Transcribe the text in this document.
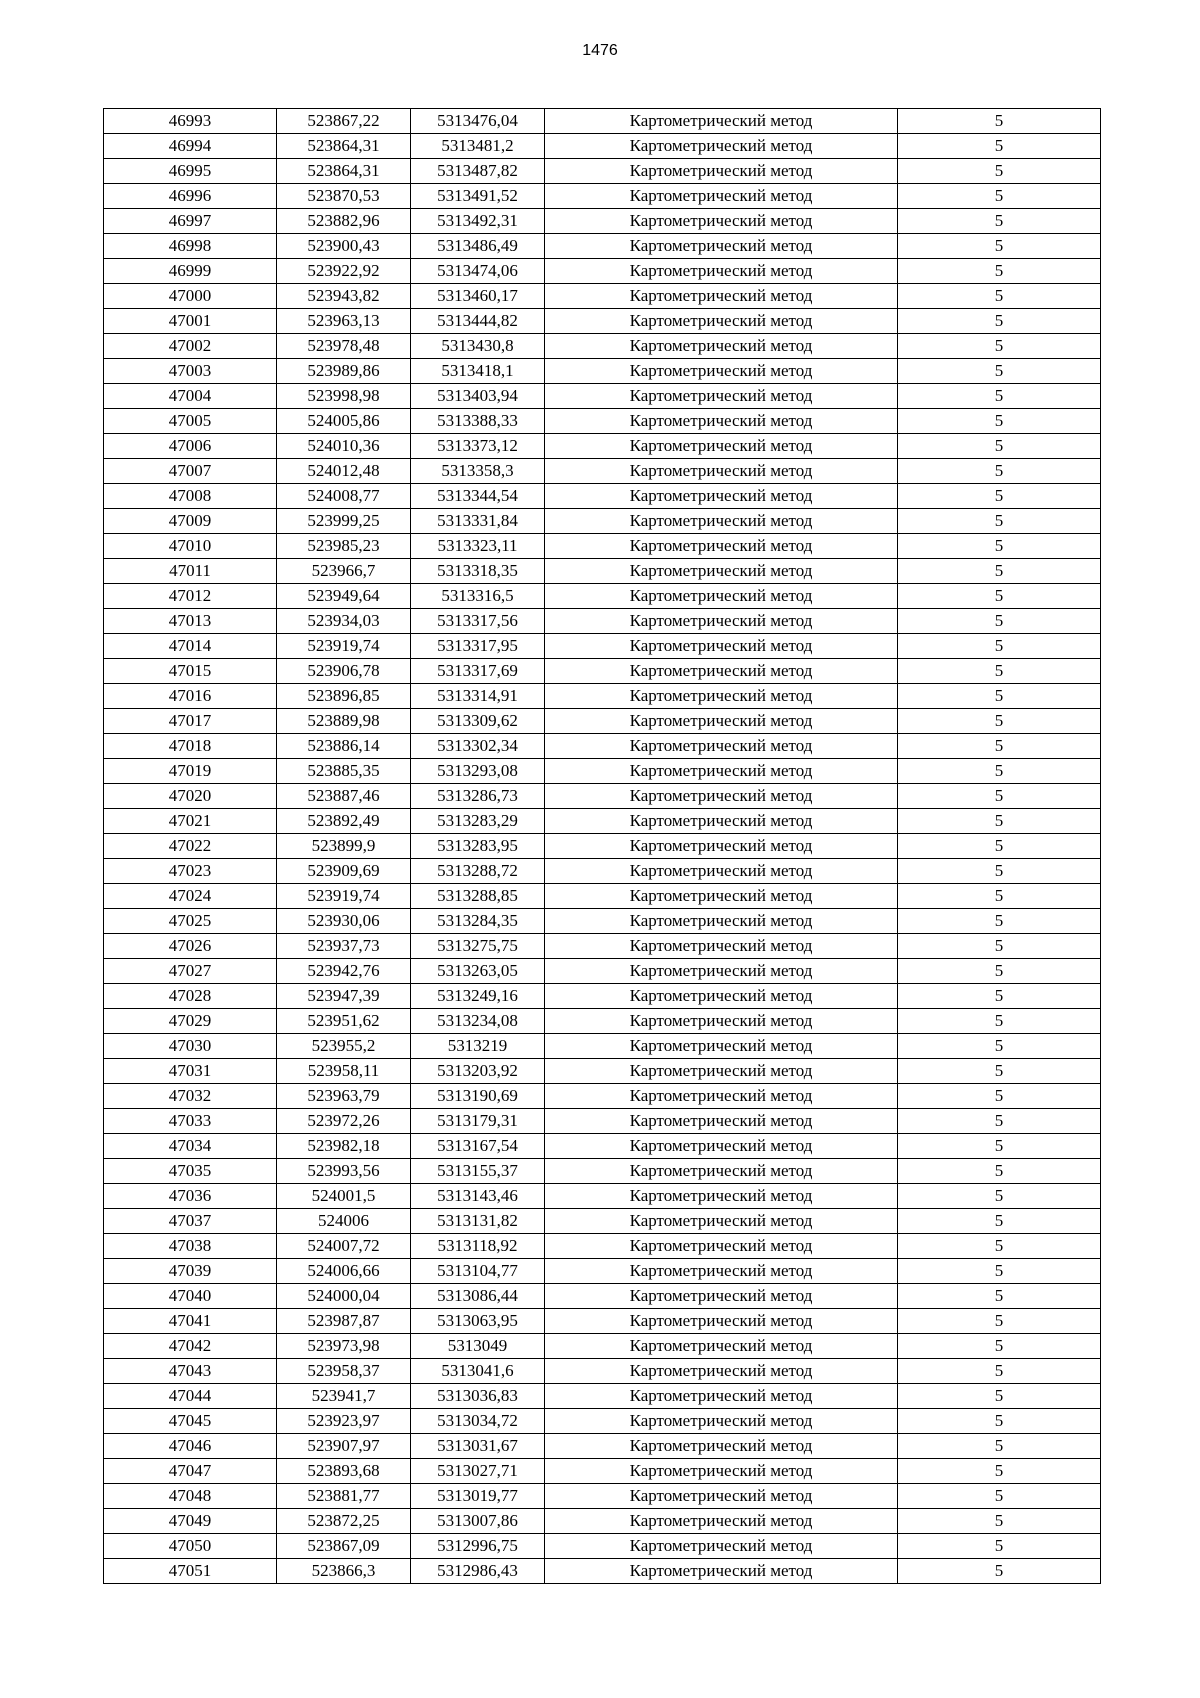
1476
46993	523867,22	5313476,04	Картометрический метод	5
46994	523864,31	5313481,2	Картометрический метод	5
46995	523864,31	5313487,82	Картометрический метод	5
46996	523870,53	5313491,52	Картометрический метод	5
46997	523882,96	5313492,31	Картометрический метод	5
46998	523900,43	5313486,49	Картометрический метод	5
46999	523922,92	5313474,06	Картометрический метод	5
47000	523943,82	5313460,17	Картометрический метод	5
47001	523963,13	5313444,82	Картометрический метод	5
47002	523978,48	5313430,8	Картометрический метод	5
47003	523989,86	5313418,1	Картометрический метод	5
47004	523998,98	5313403,94	Картометрический метод	5
47005	524005,86	5313388,33	Картометрический метод	5
47006	524010,36	5313373,12	Картометрический метод	5
47007	524012,48	5313358,3	Картометрический метод	5
47008	524008,77	5313344,54	Картометрический метод	5
47009	523999,25	5313331,84	Картометрический метод	5
47010	523985,23	5313323,11	Картометрический метод	5
47011	523966,7	5313318,35	Картометрический метод	5
47012	523949,64	5313316,5	Картометрический метод	5
47013	523934,03	5313317,56	Картометрический метод	5
47014	523919,74	5313317,95	Картометрический метод	5
47015	523906,78	5313317,69	Картометрический метод	5
47016	523896,85	5313314,91	Картометрический метод	5
47017	523889,98	5313309,62	Картометрический метод	5
47018	523886,14	5313302,34	Картометрический метод	5
47019	523885,35	5313293,08	Картометрический метод	5
47020	523887,46	5313286,73	Картометрический метод	5
47021	523892,49	5313283,29	Картометрический метод	5
47022	523899,9	5313283,95	Картометрический метод	5
47023	523909,69	5313288,72	Картометрический метод	5
47024	523919,74	5313288,85	Картометрический метод	5
47025	523930,06	5313284,35	Картометрический метод	5
47026	523937,73	5313275,75	Картометрический метод	5
47027	523942,76	5313263,05	Картометрический метод	5
47028	523947,39	5313249,16	Картометрический метод	5
47029	523951,62	5313234,08	Картометрический метод	5
47030	523955,2	5313219	Картометрический метод	5
47031	523958,11	5313203,92	Картометрический метод	5
47032	523963,79	5313190,69	Картометрический метод	5
47033	523972,26	5313179,31	Картометрический метод	5
47034	523982,18	5313167,54	Картометрический метод	5
47035	523993,56	5313155,37	Картометрический метод	5
47036	524001,5	5313143,46	Картометрический метод	5
47037	524006	5313131,82	Картометрический метод	5
47038	524007,72	5313118,92	Картометрический метод	5
47039	524006,66	5313104,77	Картометрический метод	5
47040	524000,04	5313086,44	Картометрический метод	5
47041	523987,87	5313063,95	Картометрический метод	5
47042	523973,98	5313049	Картометрический метод	5
47043	523958,37	5313041,6	Картометрический метод	5
47044	523941,7	5313036,83	Картометрический метод	5
47045	523923,97	5313034,72	Картометрический метод	5
47046	523907,97	5313031,67	Картометрический метод	5
47047	523893,68	5313027,71	Картометрический метод	5
47048	523881,77	5313019,77	Картометрический метод	5
47049	523872,25	5313007,86	Картометрический метод	5
47050	523867,09	5312996,75	Картометрический метод	5
47051	523866,3	5312986,43	Картометрический метод	5
